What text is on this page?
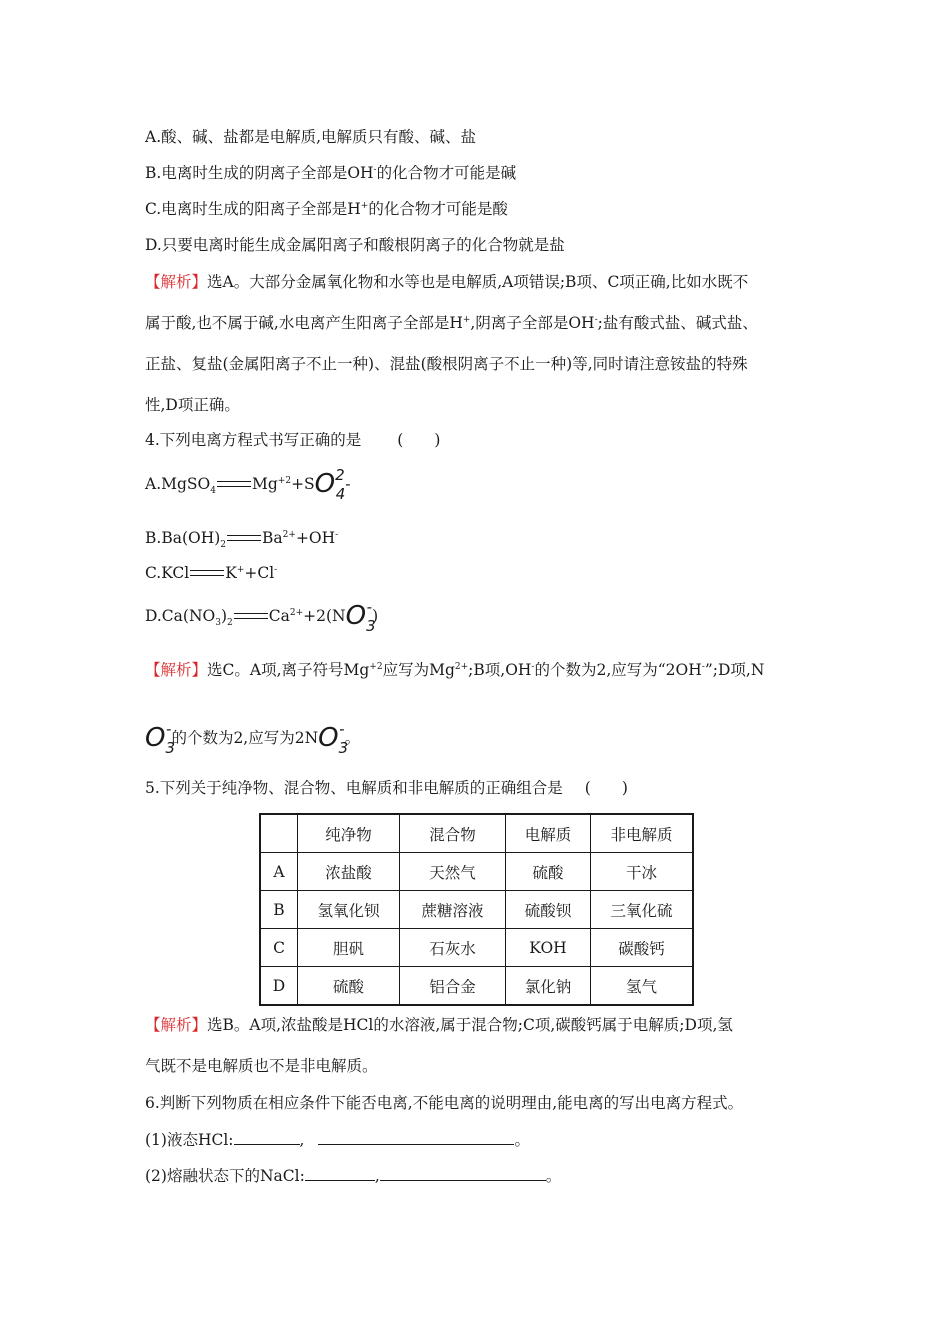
A.酸、碱、盐都是电解质,电解质只有酸、碱、盐
B.电离时生成的阴离子全部是OH-的化合物才可能是碱
C.电离时生成的阳离子全部是H+的化合物才可能是酸
D.只要电离时能生成金属阳离子和酸根阴离子的化合物就是盐
【解析】选A。大部分金属氧化物和水等也是电解质,A项错误;B项、C项正确,比如水既不
属于酸,也不属于碱,水电离产生阳离子全部是H+,阴离子全部是OH-;盐有酸式盐、碱式盐、
正盐、复盐(金属阳离子不止一种)、混盐(酸根阴离子不止一种)等,同时请注意铵盐的特殊
性,D项正确。
4.下列电离方程式书写正确的是 (　　)
A.MgSO$_4$ $Mg^{+2}+SO24-$
$B.Ba(OH)_2$ $Ba^{2+}+OH^-$
C.KCl K++Cl-
$D.Ca(NO_3)_2$ $Ca^{2+}+2(NO3-)$
【解析】选C。A项,离子符号$Mg^{+2}$应写为$Mg^{2+};B$项,OH-的个数为2,应写为“2OH-”;D项,N
O3-的个数为2,应写为2NO3-。
5.下列关于纯净物、混合物、电解质和非电解质的正确组合是 (　　)
	纯净物	混合物	电解质	非电解质
A	浓盐酸	天然气	硫酸	干冰
B	氢氧化钡	蔗糖溶液	硫酸钡	三氧化硫
C	胆矾	石灰水	KOH	碳酸钙
D	硫酸	铝合金	氯化钠	氢气
【解析】选B。A项,浓盐酸是HCl的水溶液,属于混合物;C项,碳酸钙属于电解质;D项,氢
气既不是电解质也不是非电解质。
6.判断下列物质在相应条件下能否电离,不能电离的说明理由,能电离的写出电离方程式。
(1)液态HCl:	,	。
(2)熔融状态下的NaCl:	,	。
